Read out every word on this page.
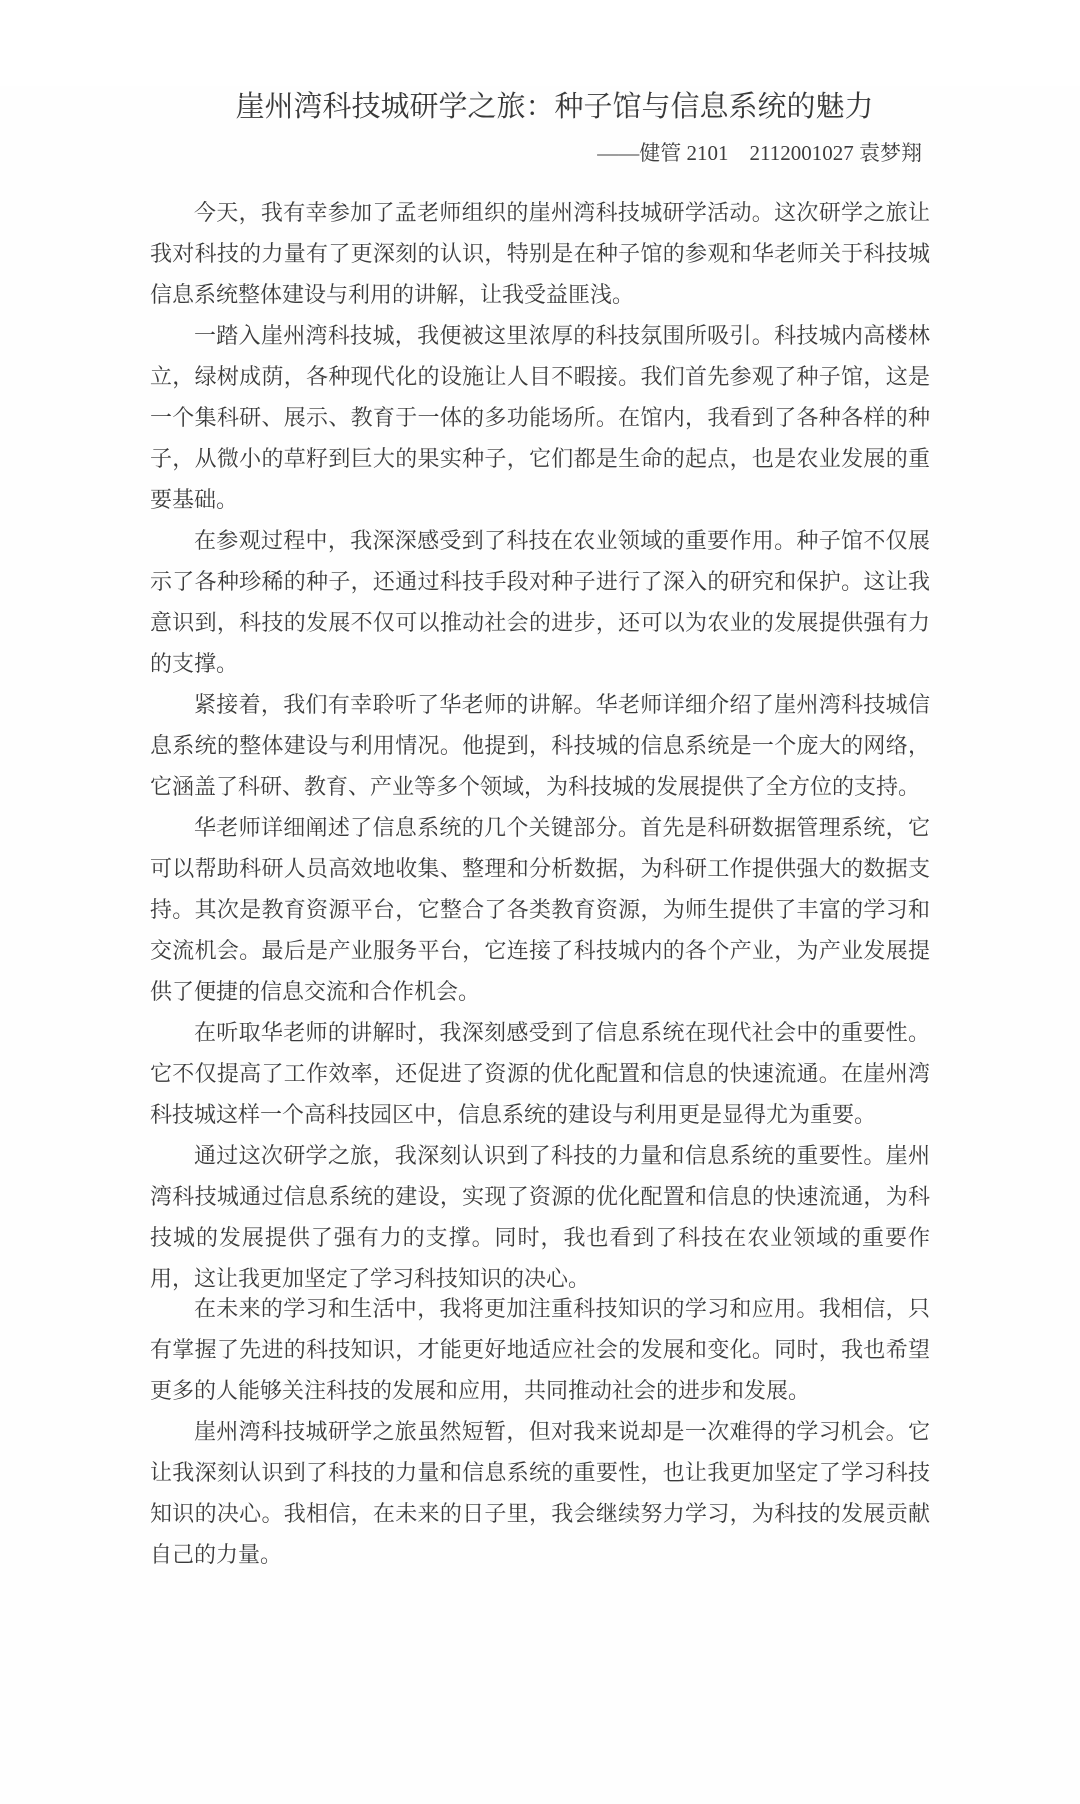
崖州湾科技城研学之旅：种子馆与信息系统的魅力
——健管 2101　2112001027 袁梦翔

今天，我有幸参加了孟老师组织的崖州湾科技城研学活动。这次研学之旅让我对科技的力量有了更深刻的认识，特别是在种子馆的参观和华老师关于科技城信息系统整体建设与利用的讲解，让我受益匪浅。

一踏入崖州湾科技城，我便被这里浓厚的科技氛围所吸引。科技城内高楼林立，绿树成荫，各种现代化的设施让人目不暇接。我们首先参观了种子馆，这是一个集科研、展示、教育于一体的多功能场所。在馆内，我看到了各种各样的种子，从微小的草籽到巨大的果实种子，它们都是生命的起点，也是农业发展的重要基础。

在参观过程中，我深深感受到了科技在农业领域的重要作用。种子馆不仅展示了各种珍稀的种子，还通过科技手段对种子进行了深入的研究和保护。这让我意识到，科技的发展不仅可以推动社会的进步，还可以为农业的发展提供强有力的支撑。

紧接着，我们有幸聆听了华老师的讲解。华老师详细介绍了崖州湾科技城信息系统的整体建设与利用情况。他提到，科技城的信息系统是一个庞大的网络，它涵盖了科研、教育、产业等多个领域，为科技城的发展提供了全方位的支持。

华老师详细阐述了信息系统的几个关键部分。首先是科研数据管理系统，它可以帮助科研人员高效地收集、整理和分析数据，为科研工作提供强大的数据支持。其次是教育资源平台，它整合了各类教育资源，为师生提供了丰富的学习和交流机会。最后是产业服务平台，它连接了科技城内的各个产业，为产业发展提供了便捷的信息交流和合作机会。

在听取华老师的讲解时，我深刻感受到了信息系统在现代社会中的重要性。它不仅提高了工作效率，还促进了资源的优化配置和信息的快速流通。在崖州湾科技城这样一个高科技园区中，信息系统的建设与利用更是显得尤为重要。

通过这次研学之旅，我深刻认识到了科技的力量和信息系统的重要性。崖州湾科技城通过信息系统的建设，实现了资源的优化配置和信息的快速流通，为科技城的发展提供了强有力的支撑。同时，我也看到了科技在农业领域的重要作用，这让我更加坚定了学习科技知识的决心。

在未来的学习和生活中，我将更加注重科技知识的学习和应用。我相信，只有掌握了先进的科技知识，才能更好地适应社会的发展和变化。同时，我也希望更多的人能够关注科技的发展和应用，共同推动社会的进步和发展。

崖州湾科技城研学之旅虽然短暂，但对我来说却是一次难得的学习机会。它让我深刻认识到了科技的力量和信息系统的重要性，也让我更加坚定了学习科技知识的决心。我相信，在未来的日子里，我会继续努力学习，为科技的发展贡献自己的力量。
